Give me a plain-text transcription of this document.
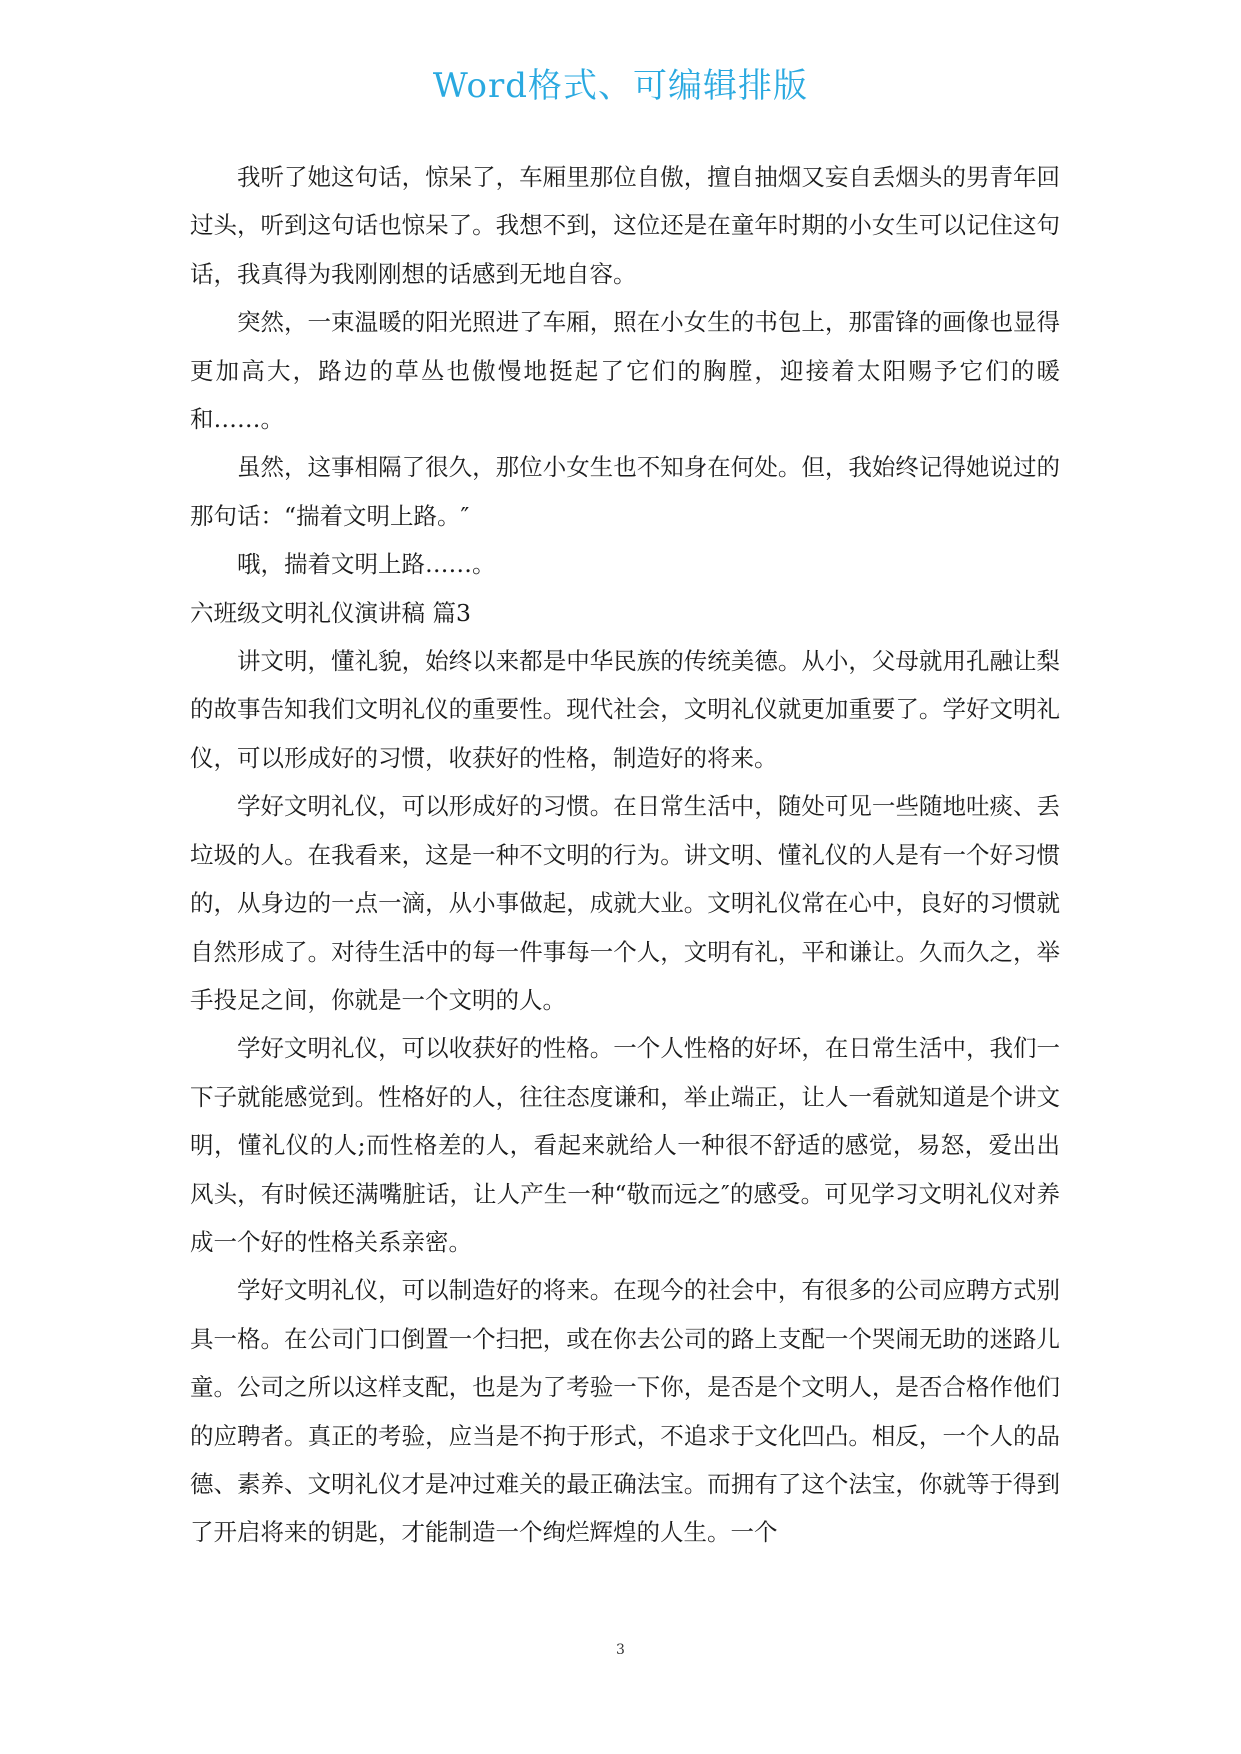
Word格式、可编辑排版

我听了她这句话，惊呆了，车厢里那位自傲，擅自抽烟又妄自丢烟头的男青年回过头，听到这句话也惊呆了。我想不到，这位还是在童年时期的小女生可以记住这句话，我真得为我刚刚想的话感到无地自容。

突然，一束温暖的阳光照进了车厢，照在小女生的书包上，那雷锋的画像也显得更加高大，路边的草丛也傲慢地挺起了它们的胸膛，迎接着太阳赐予它们的暖和……。

虽然，这事相隔了很久，那位小女生也不知身在何处。但，我始终记得她说过的那句话：“揣着文明上路。″

哦，揣着文明上路……。

六班级文明礼仪演讲稿 篇3

讲文明，懂礼貌，始终以来都是中华民族的传统美德。从小，父母就用孔融让梨的故事告知我们文明礼仪的重要性。现代社会，文明礼仪就更加重要了。学好文明礼仪，可以形成好的习惯，收获好的性格，制造好的将来。

学好文明礼仪，可以形成好的习惯。在日常生活中，随处可见一些随地吐痰、丢垃圾的人。在我看来，这是一种不文明的行为。讲文明、懂礼仪的人是有一个好习惯的，从身边的一点一滴，从小事做起，成就大业。文明礼仪常在心中，良好的习惯就自然形成了。对待生活中的每一件事每一个人，文明有礼，平和谦让。久而久之，举手投足之间，你就是一个文明的人。

学好文明礼仪，可以收获好的性格。一个人性格的好坏，在日常生活中，我们一下子就能感觉到。性格好的人，往往态度谦和，举止端正，让人一看就知道是个讲文明，懂礼仪的人;而性格差的人，看起来就给人一种很不舒适的感觉，易怒，爱出出风头，有时候还满嘴脏话，让人产生一种“敬而远之″的感受。可见学习文明礼仪对养成一个好的性格关系亲密。

学好文明礼仪，可以制造好的将来。在现今的社会中，有很多的公司应聘方式别具一格。在公司门口倒置一个扫把，或在你去公司的路上支配一个哭闹无助的迷路儿童。公司之所以这样支配，也是为了考验一下你，是否是个文明人，是否合格作他们的应聘者。真正的考验，应当是不拘于形式，不追求于文化凹凸。相反，一个人的品德、素养、文明礼仪才是冲过难关的最正确法宝。而拥有了这个法宝，你就等于得到了开启将来的钥匙，才能制造一个绚烂辉煌的人生。一个

3
